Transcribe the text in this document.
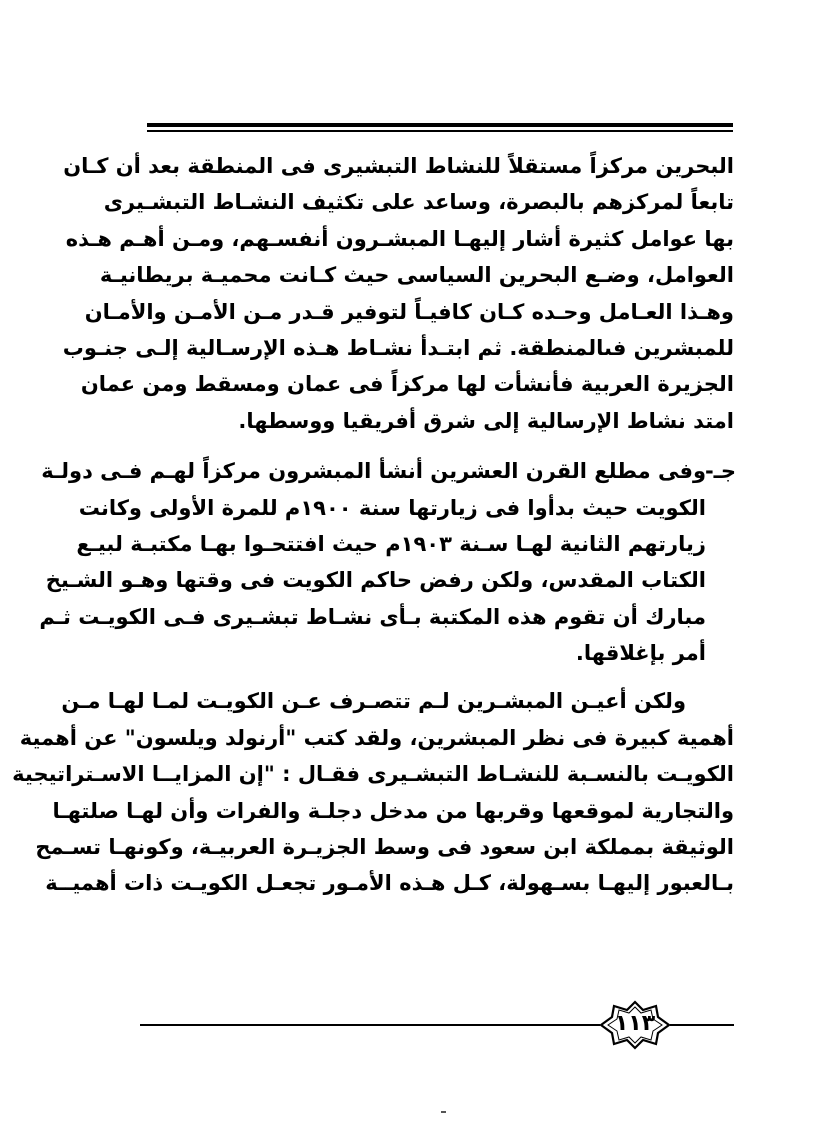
البحرين مركزاً مستقلاً للنشاط التبشيرى فى المنطقة بعد أن كـان
تابعاً لمركزهم بالبصرة، وساعد على تكثيف النشـاط التبشـيرى
بها عوامل كثيرة أشار إليهـا المبشـرون أنفسـهم، ومـن أهـم هـذه
العوامل، وضـع البحرين السياسى حيث كـانت محميـة بريطانيـة
وهـذا العـامل وحـده كـان كافيـاً لتوفير قـدر مـن الأمـن والأمـان
للمبشرين فىالمنطقة. ثم ابتـدأ نشـاط هـذه الإرسـالية إلـى جنـوب
الجزيرة العربية فأنشأت لها مركزاً فى عمان ومسقط ومن عمان
امتد نشاط الإرسالية إلى شرق أفريقيا ووسطها.
جـ-
وفى مطلع القرن العشرين أنشأ المبشرون مركزاً لهـم فـى دولـة
الكويت حيث بدأوا فى زيارتها سنة ١٩٠٠م للمرة الأولى وكانت
زيارتهم الثانية لهـا سـنة ١٩٠٣م حيث افتتحـوا بهـا مكتبـة لبيـع
الكتاب المقدس، ولكن رفض حاكم الكويت فى وقتها وهـو الشـيخ
مبارك أن تقوم هذه المكتبة بـأى نشـاط تبشـيرى فـى الكويـت ثـم
أمر بإغلاقها.
ولكن أعيـن المبشـرين لـم تتصـرف عـن الكويـت لمـا لهـا مـن
أهمية كبيرة فى نظر المبشرين، ولقد كتب "أرنولد ويلسون" عن أهمية
الكويـت بالنسـبة للنشـاط التبشـيرى فقـال : "إن المزايــا الاسـتراتيجية
والتجارية لموقعها وقربها من مدخل دجلـة والفرات وأن لهـا صلتهـا
الوثيقة بمملكة ابن سعود فى وسط الجزيـرة العربيـة، وكونهـا تسـمح
بـالعبور إليهـا بسـهولة، كـل هـذه الأمـور تجعـل الكويـت ذات أهميــة
١١٣
